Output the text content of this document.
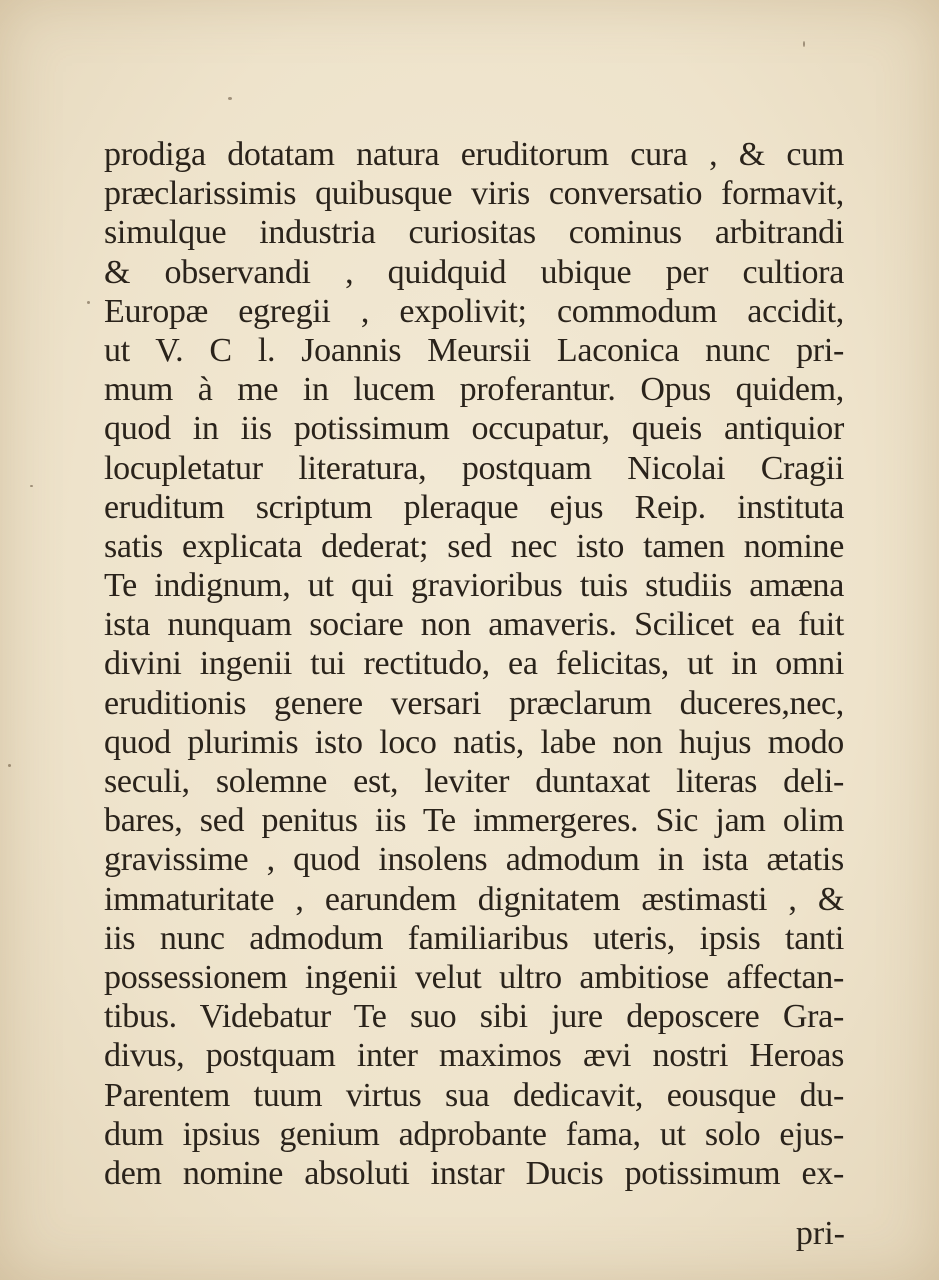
prodiga dotatam natura eruditorum cura , & cum
præclarissimis quibusque viris conversatio formavit,
simulque industria curiositas cominus arbitrandi
& observandi , quidquid ubique per cultiora
Europæ egregii , expolivit; commodum accidit,
ut V. C l. Joannis Meursii Laconica nunc pri-
mum à me in lucem proferantur. Opus quidem,
quod in iis potissimum occupatur, queis antiquior
locupletatur literatura, postquam Nicolai Cragii
eruditum scriptum pleraque ejus Reip. instituta
satis explicata dederat; sed nec isto tamen nomine
Te indignum, ut qui gravioribus tuis studiis amæna
ista nunquam sociare non amaveris. Scilicet ea fuit
divini ingenii tui rectitudo, ea felicitas, ut in omni
eruditionis genere versari præclarum duceres,nec,
quod plurimis isto loco natis, labe non hujus modo
seculi, solemne est, leviter duntaxat literas deli-
bares, sed penitus iis Te immergeres. Sic jam olim
gravissime , quod insolens admodum in ista ætatis
immaturitate , earundem dignitatem æstimasti , &
iis nunc admodum familiaribus uteris, ipsis tanti
possessionem ingenii velut ultro ambitiose affectan-
tibus. Videbatur Te suo sibi jure deposcere Gra-
divus, postquam inter maximos ævi nostri Heroas
Parentem tuum virtus sua dedicavit, eousque du-
dum ipsius genium adprobante fama, ut solo ejus-
dem nomine absoluti instar Ducis potissimum ex-
pri-
